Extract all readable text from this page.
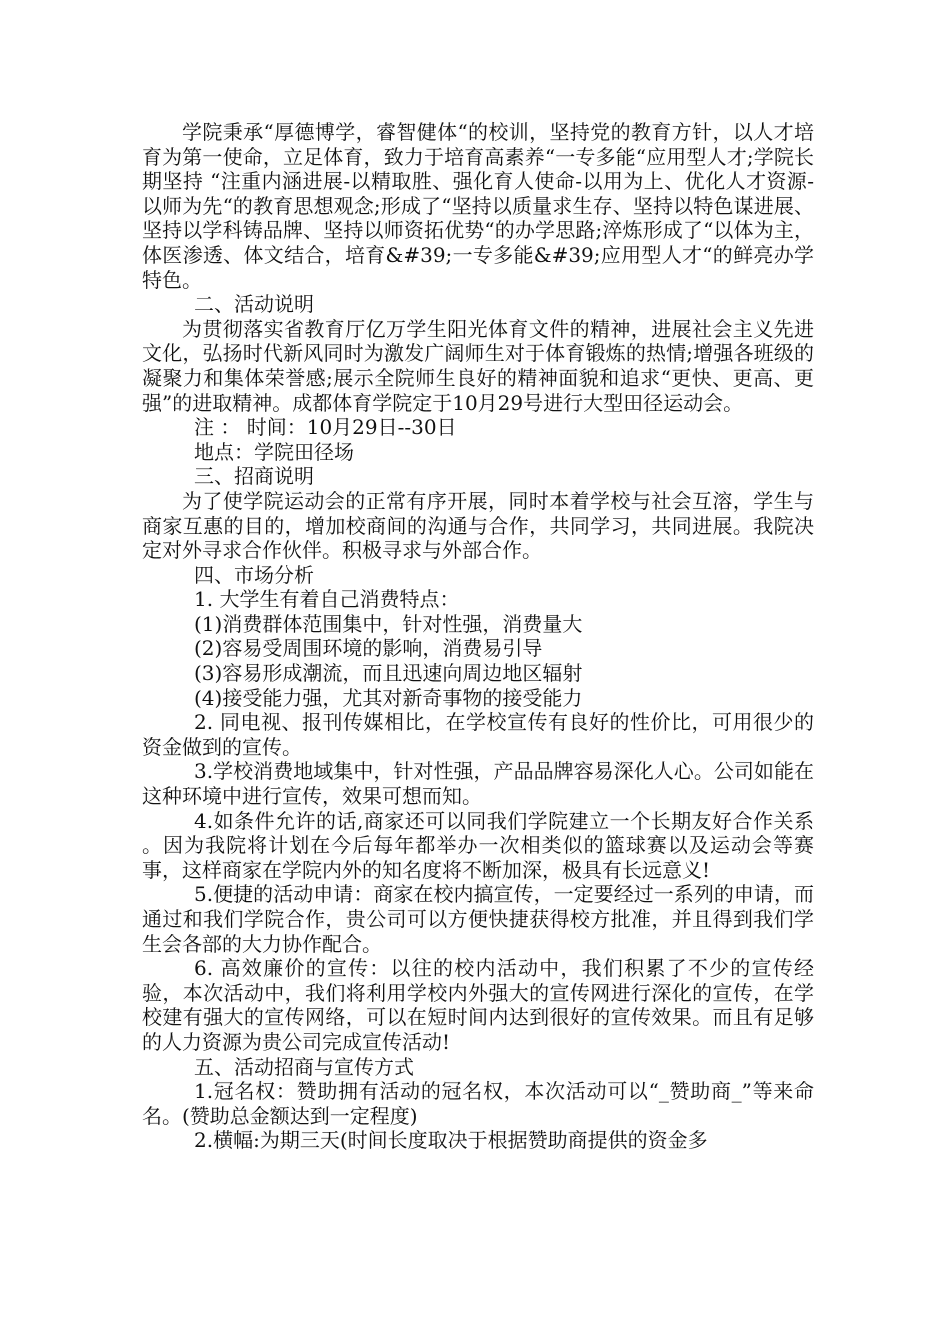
学院秉承“厚德博学，睿智健体“的校训，坚持党的教育方针，以人才培育为第一使命，立足体育，致力于培育高素养“一专多能“应用型人才;学院长期坚持 “注重内涵进展-以精取胜、强化育人使命-以用为上、优化人才资源-以师为先“的教育思想观念;形成了“坚持以质量求生存、坚持以特色谋进展、坚持以学科铸品牌、坚持以师资拓优势“的办学思路;淬炼形成了“以体为主，体医渗透、体文结合，培育&#39;一专多能&#39;应用型人才“的鲜亮办学特色。

二、活动说明

为贯彻落实省教育厅亿万学生阳光体育文件的精神，进展社会主义先进文化，弘扬时代新风同时为激发广阔师生对于体育锻炼的热情;增强各班级的凝聚力和集体荣誉感;展示全院师生良好的精神面貌和追求“更快、更高、更强”的进取精神。成都体育学院定于10月29号进行大型田径运动会。

注 ： 时间：10月29日--30日

地点：学院田径场

三、招商说明

为了使学院运动会的正常有序开展，同时本着学校与社会互溶，学生与商家互惠的目的，增加校商间的沟通与合作，共同学习，共同进展。我院决定对外寻求合作伙伴。积极寻求与外部合作。

四、市场分析

1. 大学生有着自己消费特点：

(1)消费群体范围集中，针对性强，消费量大

(2)容易受周围环境的影响，消费易引导

(3)容易形成潮流，而且迅速向周边地区辐射

(4)接受能力强，尤其对新奇事物的接受能力

2. 同电视、报刊传媒相比，在学校宣传有良好的性价比，可用很少的资金做到的宣传。

3.学校消费地域集中，针对性强，产品品牌容易深化人心。公司如能在这种环境中进行宣传，效果可想而知。

4.如条件允许的话,商家还可以同我们学院建立一个长期友好合作关系 。因为我院将计划在今后每年都举办一次相类似的篮球赛以及运动会等赛事，这样商家在学院内外的知名度将不断加深，极具有长远意义!

5.便捷的活动申请：商家在校内搞宣传，一定要经过一系列的申请，而通过和我们学院合作，贵公司可以方便快捷获得校方批准，并且得到我们学生会各部的大力协作配合。

6. 高效廉价的宣传：以往的校内活动中，我们积累了不少的宣传经验，本次活动中，我们将利用学校内外强大的宣传网进行深化的宣传，在学校建有强大的宣传网络，可以在短时间内达到很好的宣传效果。而且有足够的人力资源为贵公司完成宣传活动!

五、活动招商与宣传方式

1.冠名权：赞助拥有活动的冠名权，本次活动可以“_赞助商_”等来命名。(赞助总金额达到一定程度)

2.横幅:为期三天(时间长度取决于根据赞助商提供的资金多
